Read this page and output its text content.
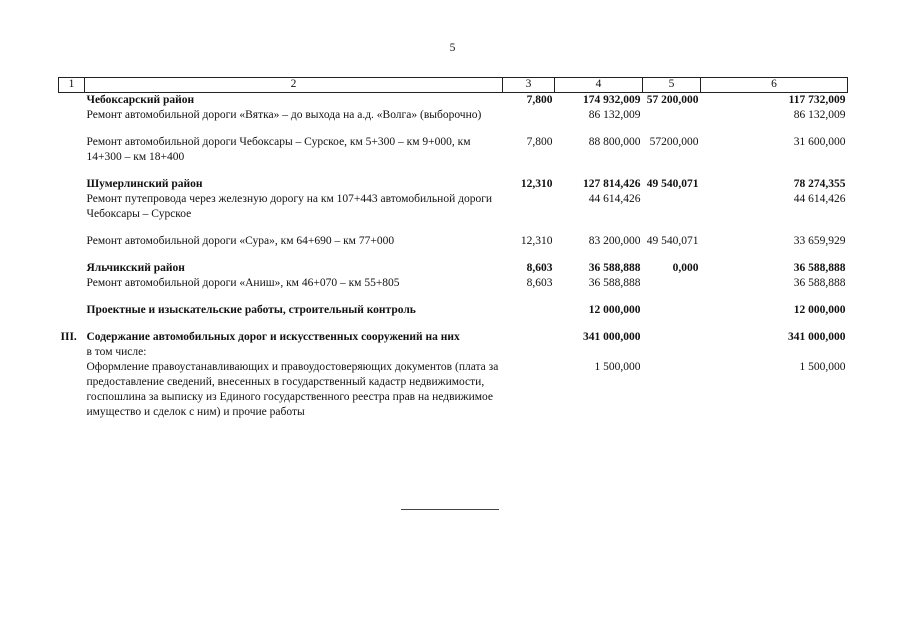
5
1	2	3	4	5	6
	Чебоксарский район	7,800	174 932,009	57 200,000	117 732,009
	Ремонт автомобильной дороги «Вятка» – до выхода на а.д. «Волга» (выборочно)		86 132,009		86 132,009

	Ремонт автомобильной дороги Чебоксары – Сурское, км 5+300 – км 9+000, км 14+300 – км 18+400	7,800	88 800,000	57200,000	31 600,000

	Шумерлинский район	12,310	127 814,426	49 540,071	78 274,355
	Ремонт путепровода через железную дорогу на км 107+443 автомобильной дороги Чебоксары – Сурское		44 614,426		44 614,426

	Ремонт автомобильной дороги «Сура», км 64+690 – км 77+000	12,310	83 200,000	49 540,071	33 659,929

	Яльчикский район	8,603	36 588,888	0,000	36 588,888
	Ремонт автомобильной дороги «Аниш», км 46+070 – км 55+805	8,603	36 588,888		36 588,888

	Проектные и изыскательские работы, строительный контроль		12 000,000		12 000,000

III.	Содержание автомобильных дорог и искусственных сооружений на них		341 000,000		341 000,000
	в том числе:				
	Оформление правоустанавливающих и правоудостоверяющих документов (плата за предоставление сведений, внесенных в государственный кадастр недвижимости, госпошлина за выписку из Единого государственного реестра прав на недвижимое имущество и сделок с ним) и прочие работы		1 500,000		1 500,000
